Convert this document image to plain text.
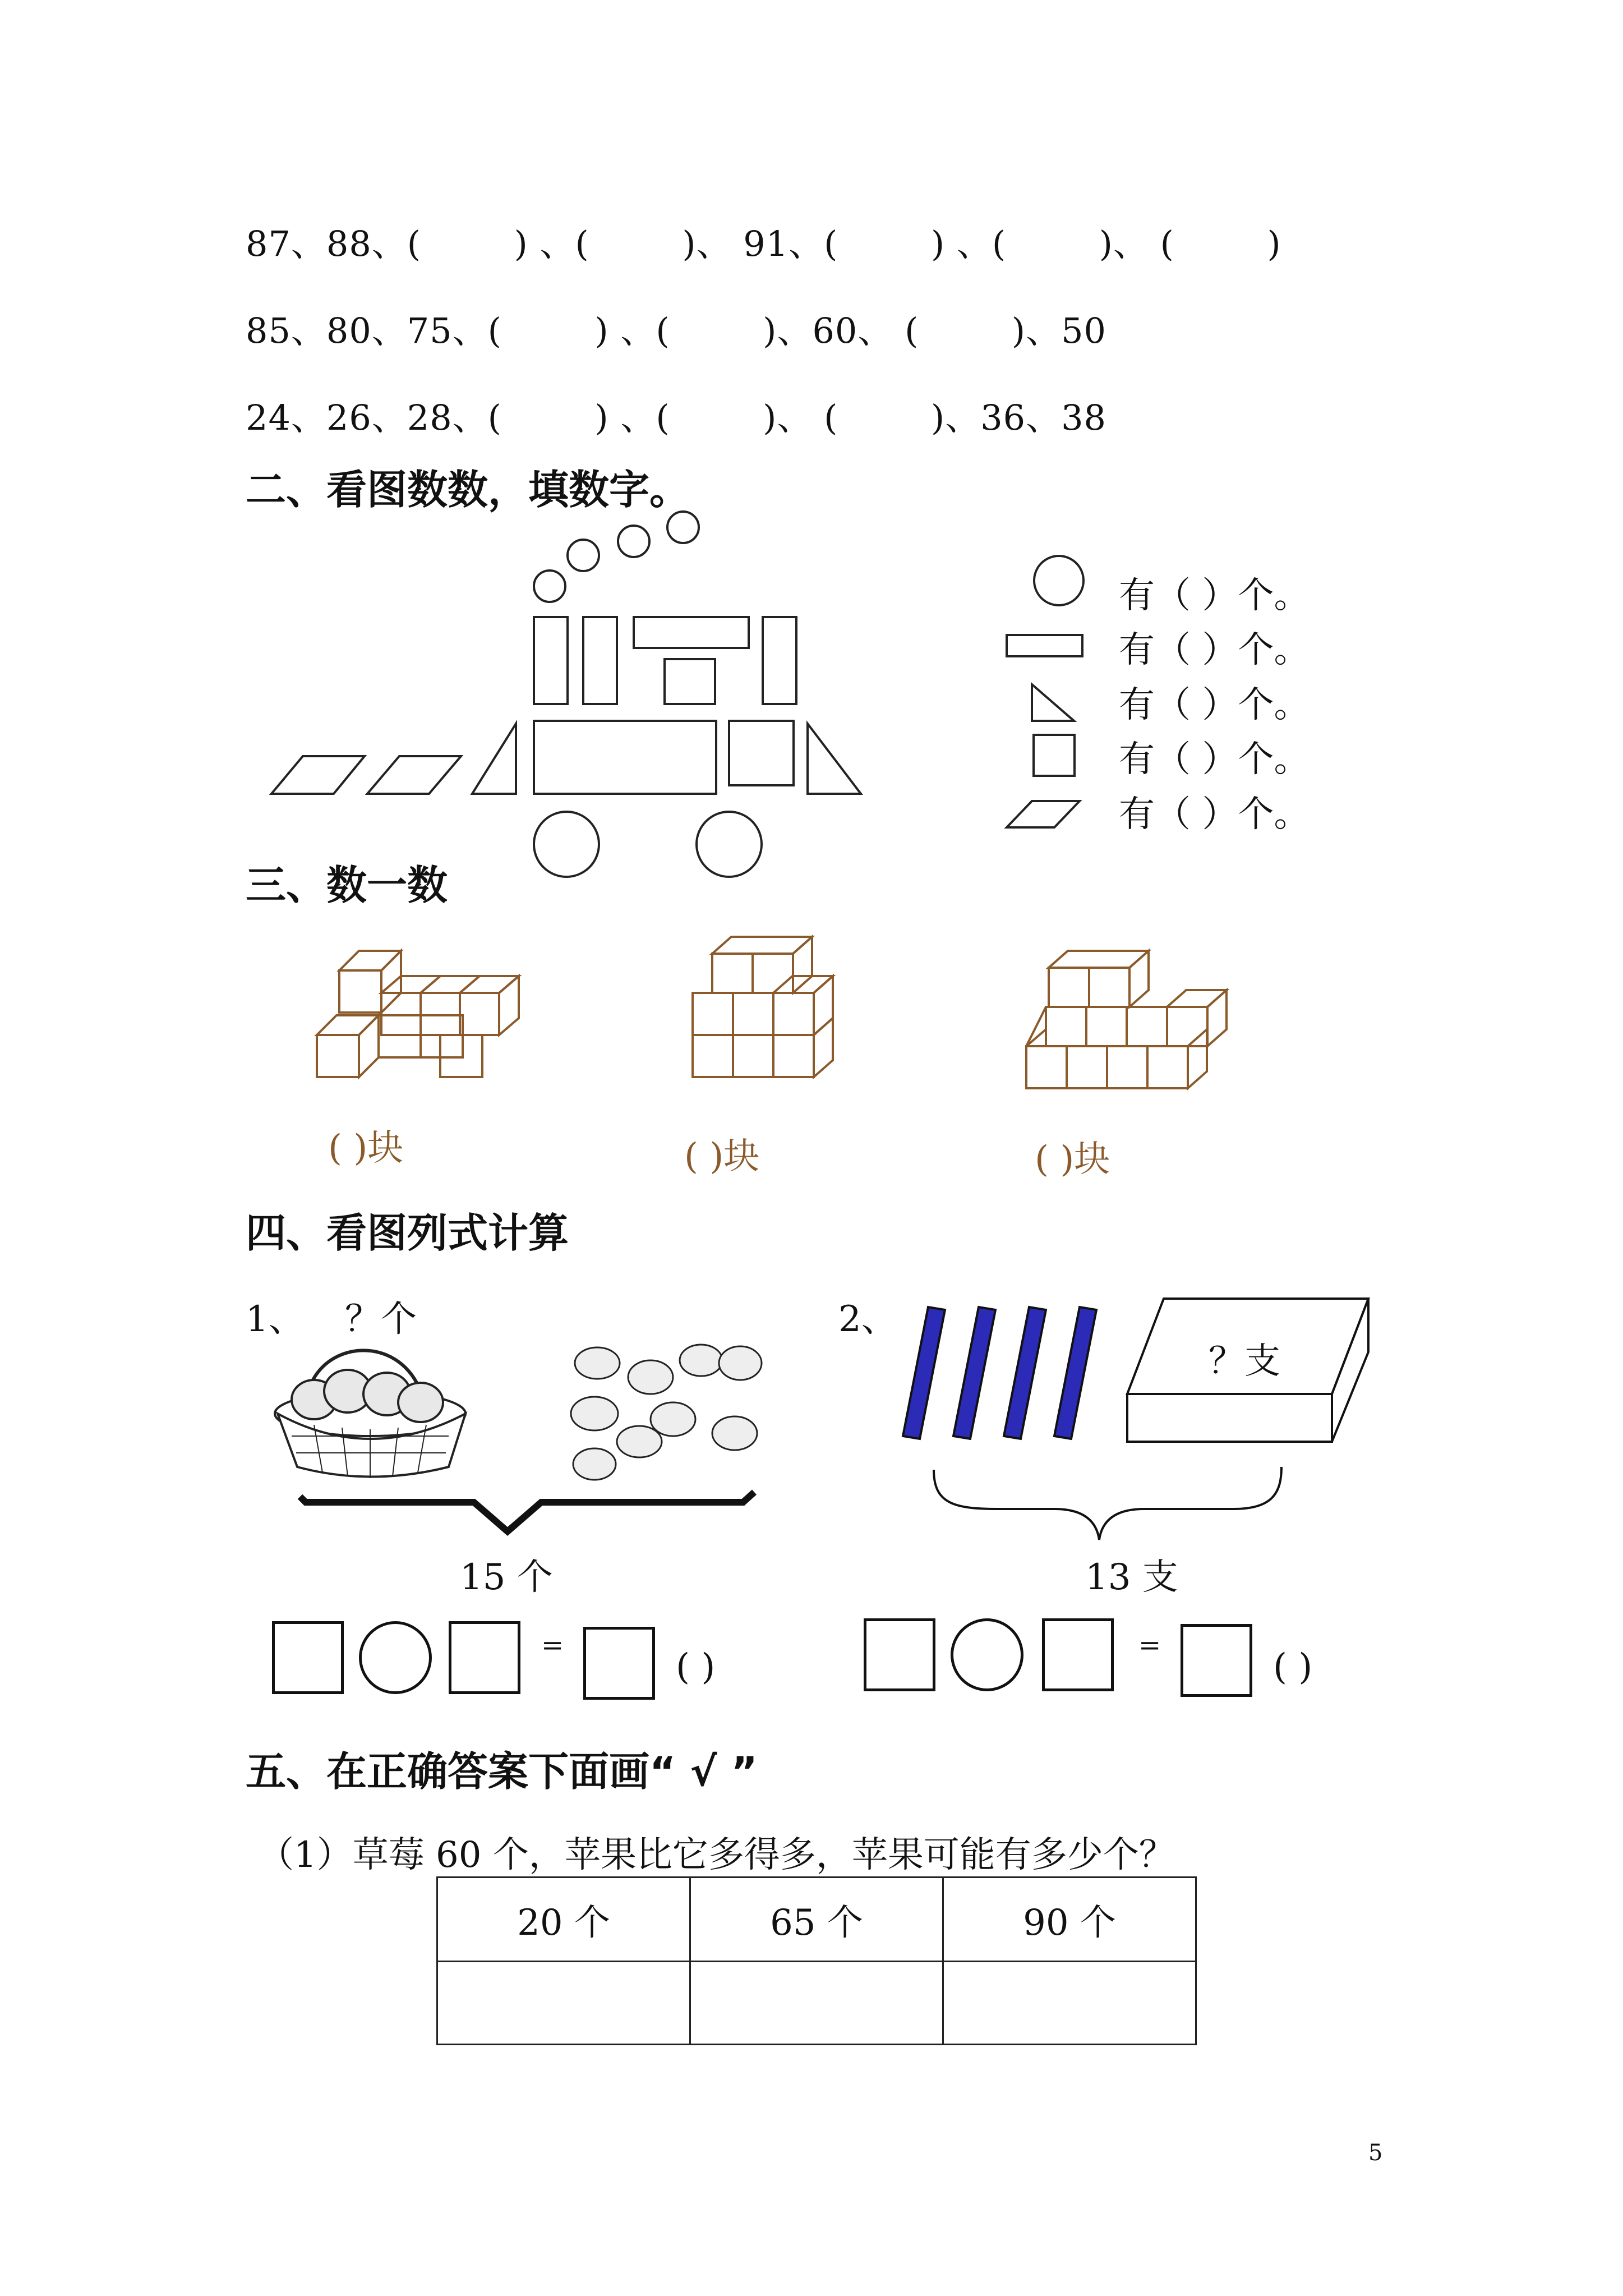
87、88、(        ) 、(        )、 91、(        ) 、(        )、 (        )
85、80、75、(        ) 、(        )、60、 (        )、50
24、26、28、(        ) 、(        )、 (        )、36、38
二、看图数数，填数字。
有（ ）个。
有（ ）个。
有（ ）个。
有（ ）个。
有（ ）个。
三、数一数
( )块	( )块	( )块
四、看图列式计算
1、 ？个	2、
？支
15 个	13 支
=
( )
=
( )
五、在正确答案下面画“ √ ”
（1）草莓 60 个，苹果比它多得多，苹果可能有多少个？
20 个	65 个	90 个

5
